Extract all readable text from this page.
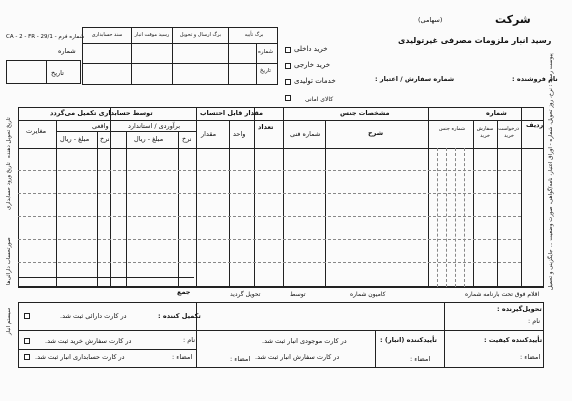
CA - 2 - FR - 29/1 - شماره فرم	برگ تأییه
برگ ارسال و تحویل
رسید موقت انبار
سند حسابداری
شماره
تاریخ
شماره
تاریخ
خرید داخلی
خرید خارجی
خدمات تولیدی
کالای امانی
شرکت
(سهامی)
رسید انبار ملزومات مصرفی غیرتولیدی
نام فروشنده :
شماره سفارش / اعتبار :
ردیف
شماره
درخواست خرید
سفارش خرید
شماره جنس
مشخصات جنس
شرح
شماره فنی
تعداد
مقدار قابل احتساب
واحد
مقدار
توسط حسابداری تکمیل می‌گردد
برآوردی / استاندارد
واقعی
نرخ
مبلغ - ریال
نرخ
مبلغ - ریال
مغایرت
جمع
پیوست رسید : نرخ، روز تحویل، شماره - اوراق اعتبار، نامه/گواهی، صورت وضعیت ... جایگزینی و تحمیل
تاریخ تحویل دهنده
تاریخ ورود حسابداری
صورتحساب دارائی‌ها
سیستم انبار
اقلام فوق تحت بارنامه شماره
کامیون شماره
توسط
تحویل گردید
تحویل‌گیرنده :
نام :
امضاء :
تأییدکننده کیفیت :
تأییدکننده (انبار) :
امضاء :
در کارت موجودی انبار ثبت شد.
در کارت سفارش انبار ثبت شد.
امضاء :
تکمیل کننده :
نام :
امضاء :
در کارت دارائی ثبت شد.
در کارت سفارش خرید ثبت شد.
در کارت حسابداری انبار ثبت شد.
